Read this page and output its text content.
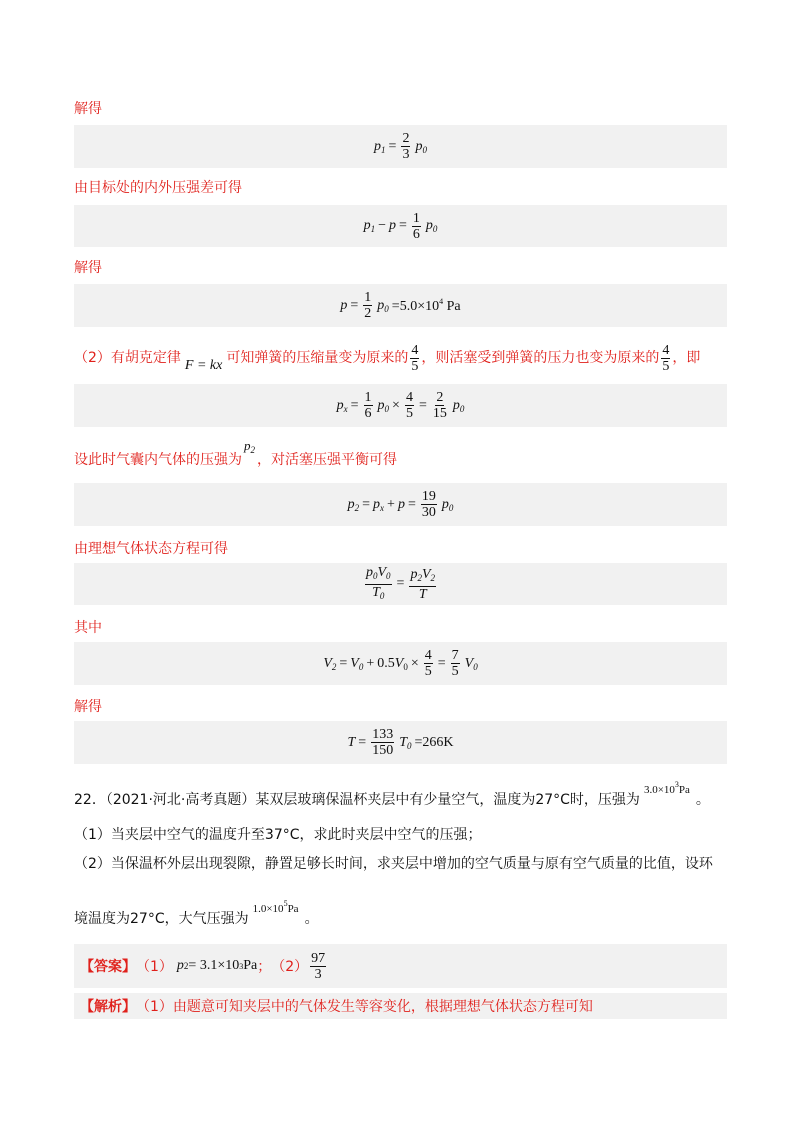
解得
$p_1 = \frac{2}{3} p_0$
由目标处的内外压强差可得
$p_1 - p = \frac{1}{6} p_0$
解得
$p = \frac{1}{2} p_0 =5.0\times 10^4$ Pa
（2）有胡克定律 F = kx 可知弹簧的压缩量变为原来的 $\frac{4}{5}$ ，则活塞受到弹簧的压力也变为原来的 $\frac{4}{5}$ ，即
$p_x = \frac{1}{6} p_0 \times \frac{4}{5} = \frac{2}{15} p_0$
设此时气囊内气体的压强为
$p_2$
，对活塞压强平衡可得
$p_2 = p_x + p = \frac{19}{30} p_0$
由理想气体状态方程可得
$\frac{p_0V_0}{T_0} = \frac{p_2V_2}{T}$
其中
$V_2 = V_0 + 0.5V_0 \times \frac{4}{5} = \frac{7}{5} V_0$
解得
$T = \frac{133}{150} T_0 =266K$
22．（2021·河北·高考真题）某双层玻璃保温杯夹层中有少量空气，温度为27°C时，压强为
$3.0\times 10^3Pa$
。
（1）当夹层中空气的温度升至37°C，求此时夹层中空气的压强；
（2）当保温杯外层出现裂隙，静置足够长时间，求夹层中增加的空气质量与原有空气质量的比值，设环
境温度为27°C，大气压强为
$1.0\times 10^5Pa$
。
【答案】 （1） p 2 = 3.1×10 3 Pa ； $(2) \frac{97}{3}$
【解析】 （1）由题意可知夹层中的气体发生等容变化，根据理想气体状态方程可知
